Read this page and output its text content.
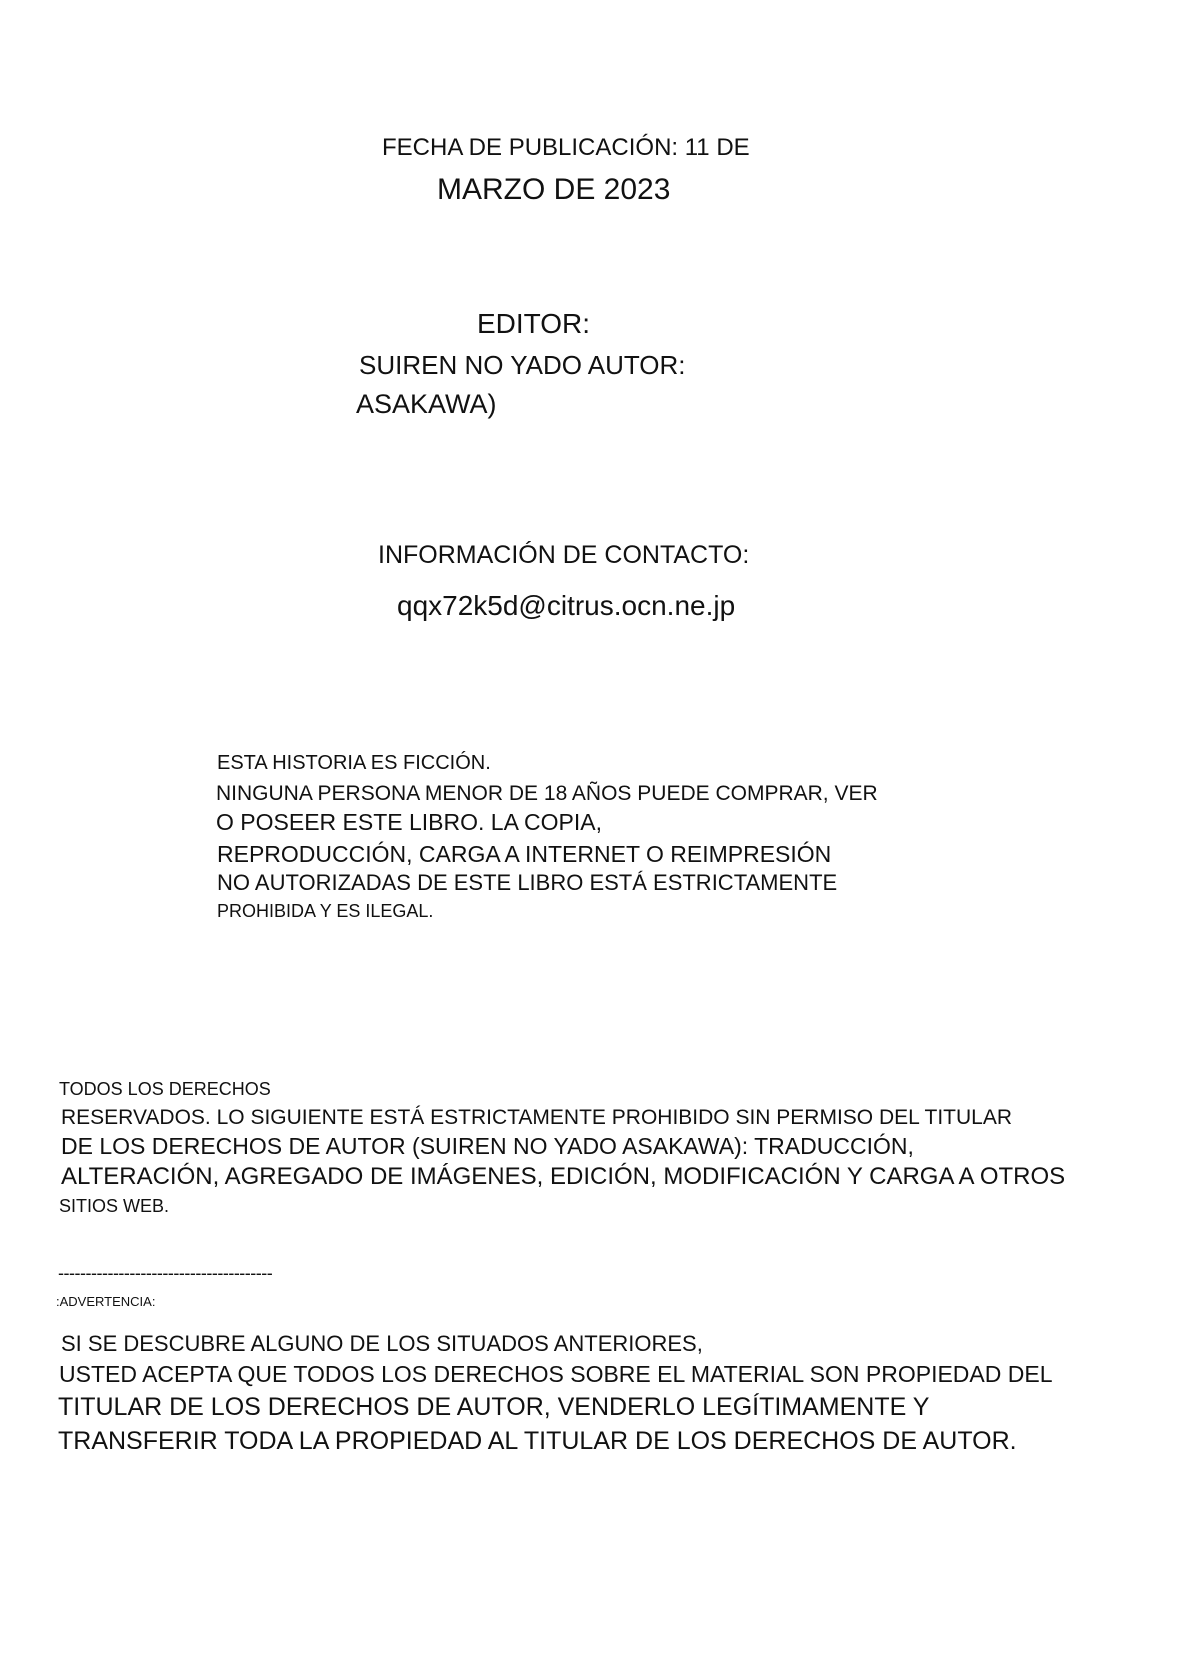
FECHA DE PUBLICACIÓN: 11 DE
MARZO DE 2023
EDITOR:
SUIREN NO YADO AUTOR:
ASAKAWA)
INFORMACIÓN DE CONTACTO:
qqx72k5d@citrus.ocn.ne.jp
ESTA HISTORIA ES FICCIÓN.
NINGUNA PERSONA MENOR DE 18 AÑOS PUEDE COMPRAR, VER
O POSEER ESTE LIBRO. LA COPIA,
REPRODUCCIÓN, CARGA A INTERNET O REIMPRESIÓN
NO AUTORIZADAS DE ESTE LIBRO ESTÁ ESTRICTAMENTE
PROHIBIDA Y ES ILEGAL.
TODOS LOS DERECHOS
RESERVADOS. LO SIGUIENTE ESTÁ ESTRICTAMENTE PROHIBIDO SIN PERMISO DEL TITULAR
DE LOS DERECHOS DE AUTOR (SUIREN NO YADO ASAKAWA): TRADUCCIÓN,
ALTERACIÓN, AGREGADO DE IMÁGENES, EDICIÓN, MODIFICACIÓN Y CARGA A OTROS
SITIOS WEB.
---------------------------------------
:ADVERTENCIA:
SI SE DESCUBRE ALGUNO DE LOS SITUADOS ANTERIORES,
USTED ACEPTA QUE TODOS LOS DERECHOS SOBRE EL MATERIAL SON PROPIEDAD DEL
TITULAR DE LOS DERECHOS DE AUTOR, VENDERLO LEGÍTIMAMENTE Y
TRANSFERIR TODA LA PROPIEDAD AL TITULAR DE LOS DERECHOS DE AUTOR.
